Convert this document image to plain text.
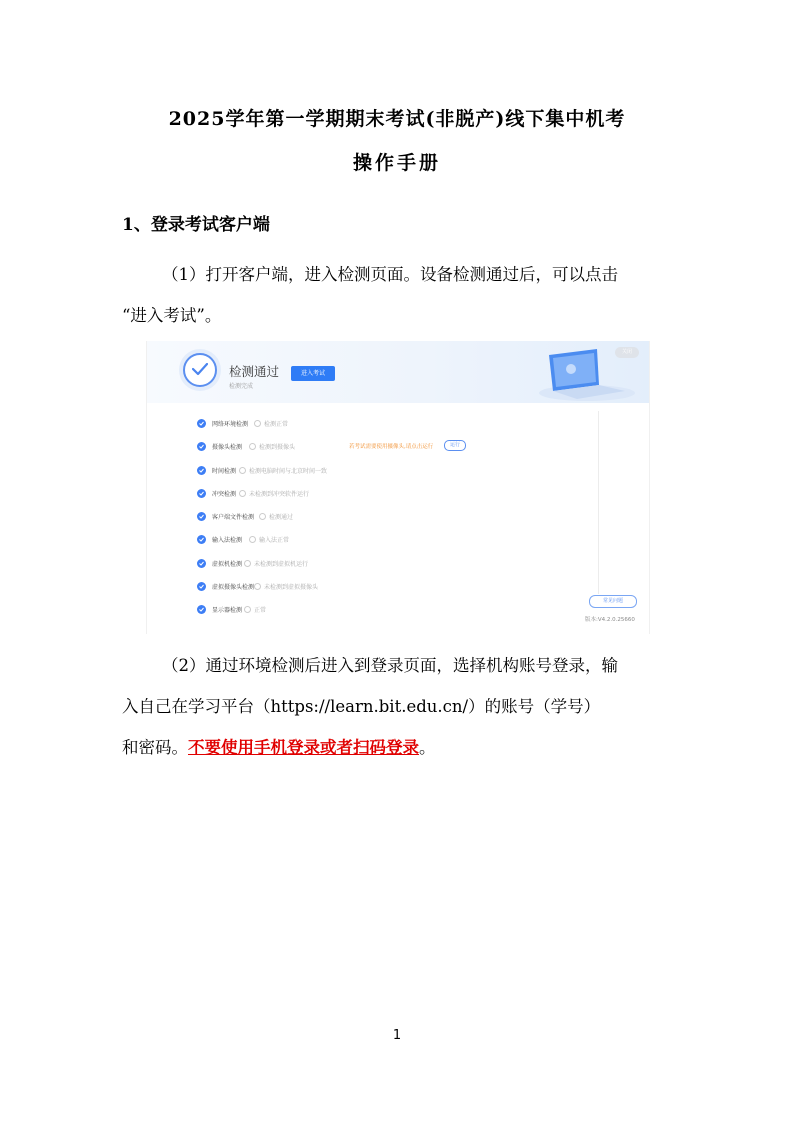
2025学年第一学期期末考试(非脱产)线下集中机考
操作手册
1、登录考试客户端
（1）打开客户端，进入检测页面。设备检测通过后，可以点击
“进入考试”。
检测通过
检测完成
进入考试
关闭
网络环境检测	检测正常
摄像头检测	检测到摄像头	若考试需要使用摄像头,请点击运行	运行
时间检测	检测电脑时间与北京时间一致
冲突检测	未检测到冲突软件运行
客户端文件检测	检测通过
输入法检测	输入法正常
虚拟机检测	未检测到虚拟机运行
虚拟摄像头检测	未检测到虚拟摄像头
显示器检测	正常
常见问题
版本:V4.2.0.25660
（2）通过环境检测后进入到登录页面，选择机构账号登录，输
入自己在学习平台（https://learn.bit.edu.cn/）的账号（学号）
和密码。不要使用手机登录或者扫码登录。
1
